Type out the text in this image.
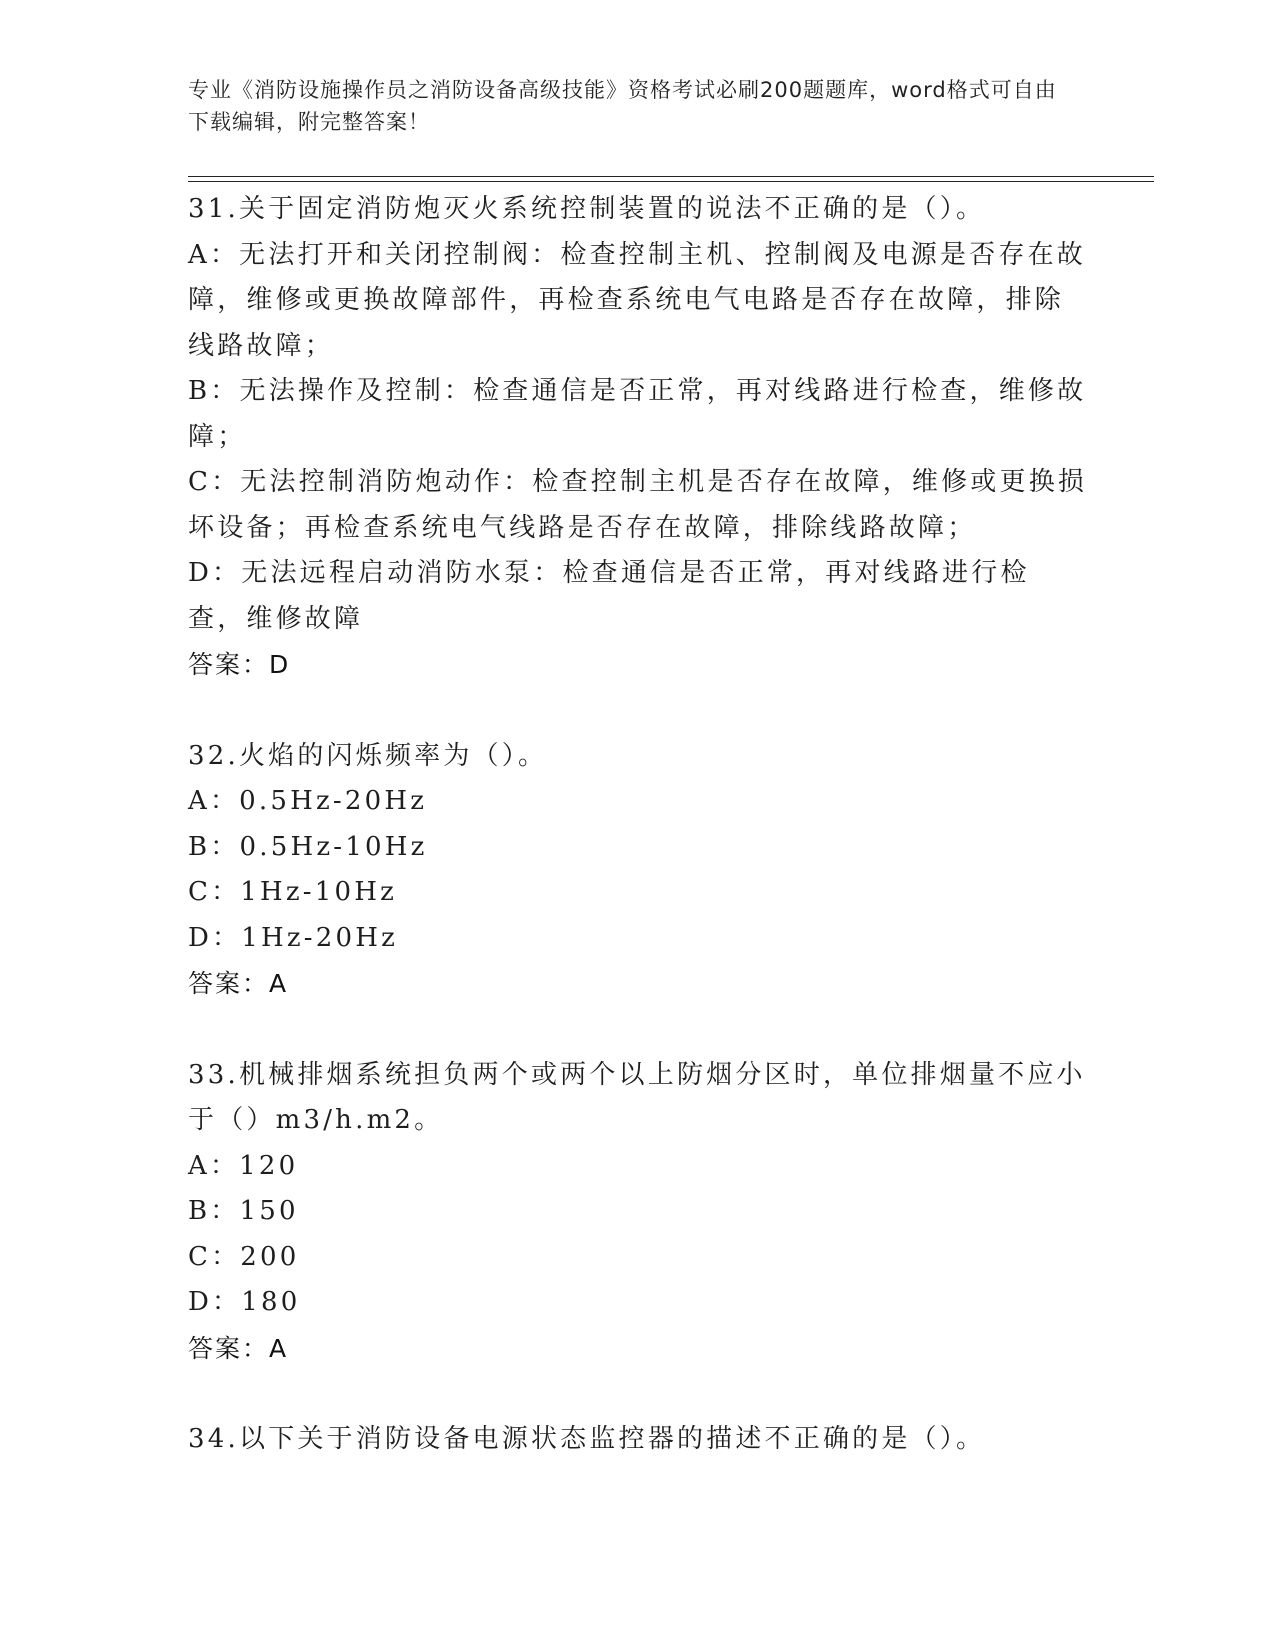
专业《消防设施操作员之消防设备高级技能》资格考试必刷200题题库，word格式可自由下载编辑，附完整答案！
31.关于固定消防炮灭火系统控制装置的说法不正确的是（）。
A：无法打开和关闭控制阀：检查控制主机、控制阀及电源是否存在故障，维修或更换故障部件，再检查系统电气电路是否存在故障，排除线路故障；
B：无法操作及控制：检查通信是否正常，再对线路进行检查，维修故障；
C：无法控制消防炮动作：检查控制主机是否存在故障，维修或更换损坏设备；再检查系统电气线路是否存在故障，排除线路故障；
D：无法远程启动消防水泵：检查通信是否正常，再对线路进行检查，维修故障
答案：D
32.火焰的闪烁频率为（）。
A：0.5Hz-20Hz
B：0.5Hz-10Hz
C：1Hz-10Hz
D：1Hz-20Hz
答案：A
33.机械排烟系统担负两个或两个以上防烟分区时，单位排烟量不应小于（）m3/h.m2。
A：120
B：150
C：200
D：180
答案：A
34.以下关于消防设备电源状态监控器的描述不正确的是（）。
